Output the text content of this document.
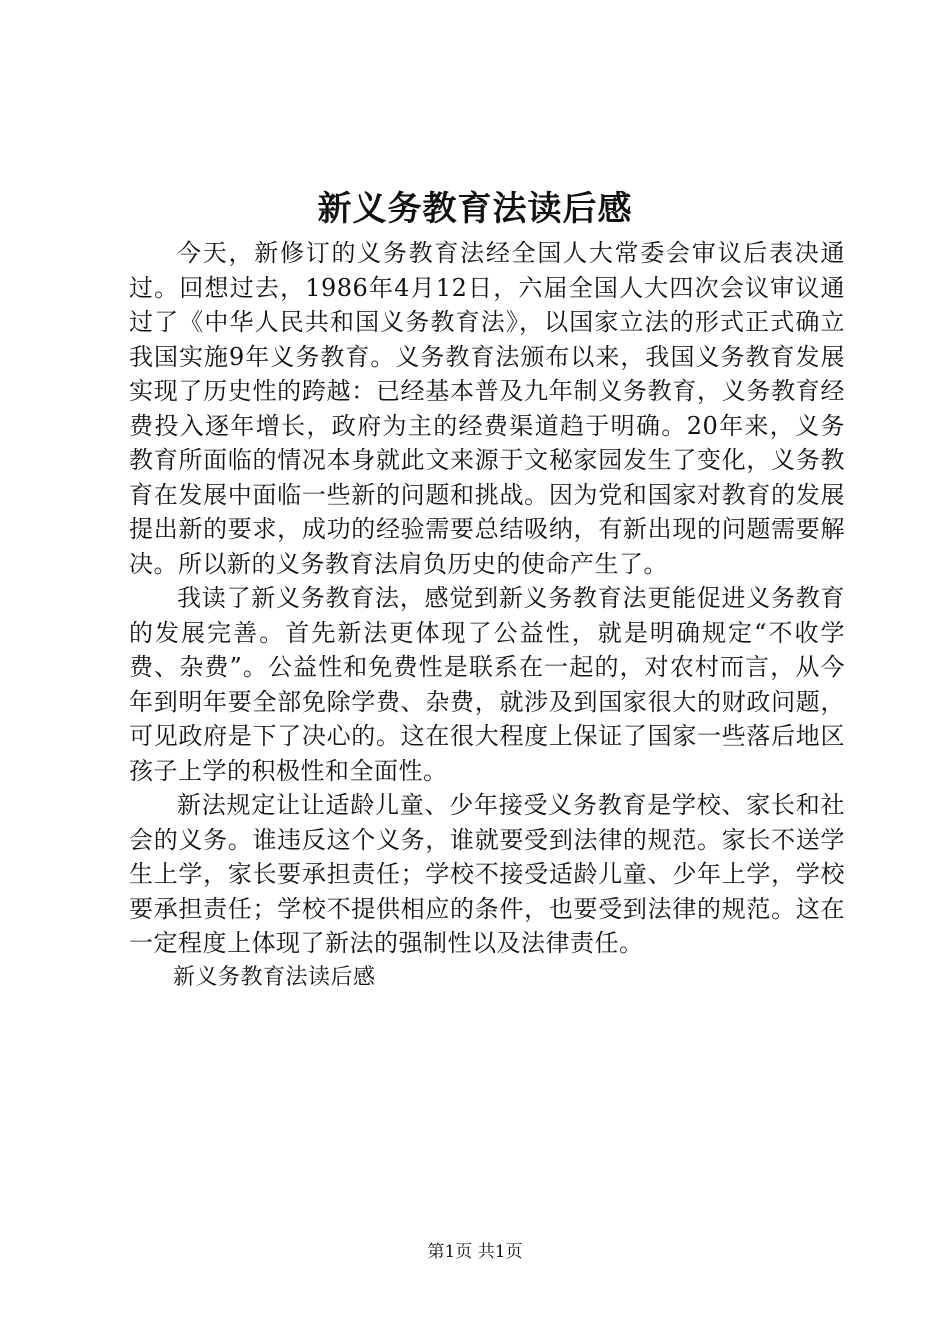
新义务教育法读后感

今天，新修订的义务教育法经全国人大常委会审议后表决通过。回想过去，1986年4月12日，六届全国人大四次会议审议通过了《中华人民共和国义务教育法》，以国家立法的形式正式确立我国实施9年义务教育。义务教育法颁布以来，我国义务教育发展实现了历史性的跨越：已经基本普及九年制义务教育，义务教育经费投入逐年增长，政府为主的经费渠道趋于明确。20年来，义务教育所面临的情况本身就此文来源于文秘家园发生了变化，义务教育在发展中面临一些新的问题和挑战。因为党和国家对教育的发展提出新的要求，成功的经验需要总结吸纳，有新出现的问题需要解决。所以新的义务教育法肩负历史的使命产生了。

我读了新义务教育法，感觉到新义务教育法更能促进义务教育的发展完善。首先新法更体现了公益性，就是明确规定“不收学费、杂费”。公益性和免费性是联系在一起的，对农村而言，从今年到明年要全部免除学费、杂费，就涉及到国家很大的财政问题，可见政府是下了决心的。这在很大程度上保证了国家一些落后地区孩子上学的积极性和全面性。

新法规定让让适龄儿童、少年接受义务教育是学校、家长和社会的义务。谁违反这个义务，谁就要受到法律的规范。家长不送学生上学，家长要承担责任；学校不接受适龄儿童、少年上学，学校要承担责任；学校不提供相应的条件，也要受到法律的规范。这在一定程度上体现了新法的强制性以及法律责任。

新义务教育法读后感

第1页 共1页
